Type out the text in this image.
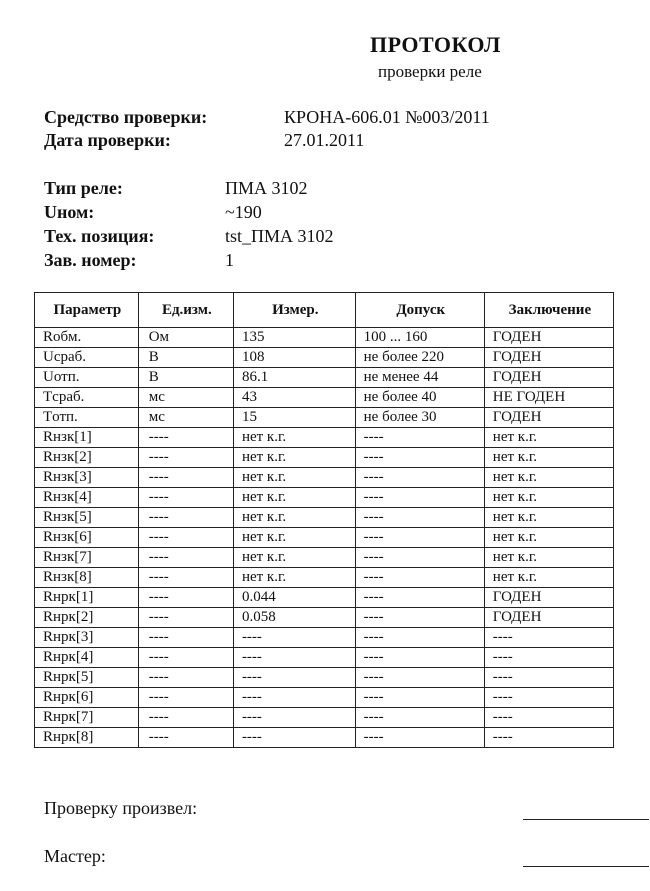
ПРОТОКОЛ
проверки реле
Средство проверки:	КРОНА-606.01 №003/2011
Дата проверки:	27.01.2011
Тип реле:	ПМА 3102
Uном:	~190
Тех. позиция:	tst_ПМА 3102
Зав. номер:	1
Параметр	Ед.изм.	Измер.	Допуск	Заключение
Rобм.	Ом	135	100 ... 160	ГОДЕН
Uсраб.	В	108	не более 220	ГОДЕН
Uотп.	В	86.1	не менее 44	ГОДЕН
Tсраб.	мс	43	не более 40	НЕ ГОДЕН
Tотп.	мс	15	не более 30	ГОДЕН
Rнзк[1]	----	нет к.г.	----	нет к.г.
Rнзк[2]	----	нет к.г.	----	нет к.г.
Rнзк[3]	----	нет к.г.	----	нет к.г.
Rнзк[4]	----	нет к.г.	----	нет к.г.
Rнзк[5]	----	нет к.г.	----	нет к.г.
Rнзк[6]	----	нет к.г.	----	нет к.г.
Rнзк[7]	----	нет к.г.	----	нет к.г.
Rнзк[8]	----	нет к.г.	----	нет к.г.
Rнрк[1]	----	0.044	----	ГОДЕН
Rнрк[2]	----	0.058	----	ГОДЕН
Rнрк[3]	----	----	----	----
Rнрк[4]	----	----	----	----
Rнрк[5]	----	----	----	----
Rнрк[6]	----	----	----	----
Rнрк[7]	----	----	----	----
Rнрк[8]	----	----	----	----
Проверку произвел:
Мастер:
